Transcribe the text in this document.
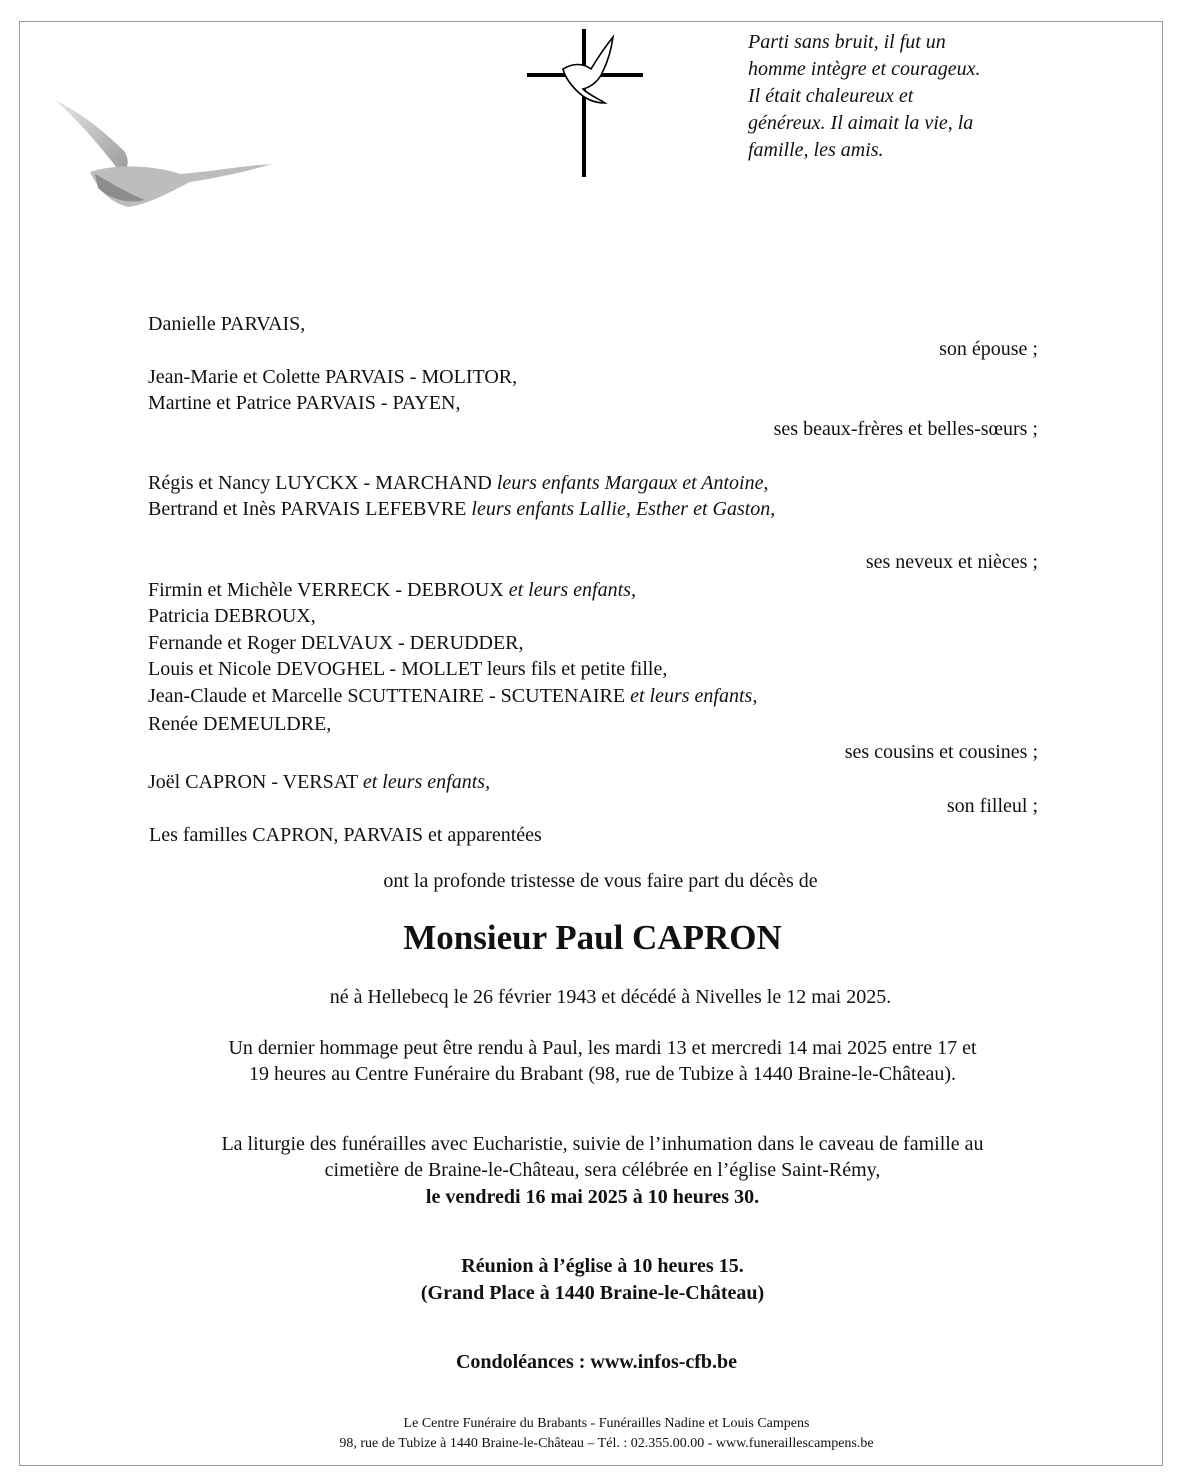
Parti sans bruit, il fut un
homme intègre et courageux.
Il était chaleureux et
généreux. Il aimait la vie, la
famille, les amis.
Danielle PARVAIS,
son épouse ;
Jean-Marie et Colette PARVAIS - MOLITOR,
Martine et Patrice PARVAIS - PAYEN,
ses beaux-frères et belles-sœurs ;
Régis et Nancy LUYCKX - MARCHAND leurs enfants Margaux et Antoine,
Bertrand et Inès PARVAIS LEFEBVRE leurs enfants Lallie, Esther et Gaston,
ses neveux et nièces ;
Firmin et Michèle VERRECK - DEBROUX et leurs enfants,
Patricia DEBROUX,
Fernande et Roger DELVAUX - DERUDDER,
Louis et Nicole DEVOGHEL - MOLLET leurs fils et petite fille,
Jean-Claude et Marcelle SCUTTENAIRE - SCUTENAIRE et leurs enfants,
Renée DEMEULDRE,
ses cousins et cousines ;
Joël CAPRON - VERSAT et leurs enfants,
son filleul ;
Les familles CAPRON, PARVAIS et apparentées
ont la profonde tristesse de vous faire part du décès de
Monsieur Paul CAPRON
né à Hellebecq le 26 février 1943 et décédé à Nivelles le 12 mai 2025.
Un dernier hommage peut être rendu à Paul, les mardi 13 et mercredi 14 mai 2025 entre 17 et
19 heures au Centre Funéraire du Brabant (98, rue de Tubize à 1440 Braine-le-Château).
La liturgie des funérailles avec Eucharistie, suivie de l’inhumation dans le caveau de famille au
cimetière de Braine-le-Château, sera célébrée en l’église Saint-Rémy,
le vendredi 16 mai 2025 à 10 heures 30.
Réunion à l’église à 10 heures 15.
(Grand Place à 1440 Braine-le-Château)
Condoléances : www.infos-cfb.be
Le Centre Funéraire du Brabants - Funérailles Nadine et Louis Campens
98, rue de Tubize à 1440 Braine-le-Château – Tél. : 02.355.00.00 - www.funeraillescampens.be
